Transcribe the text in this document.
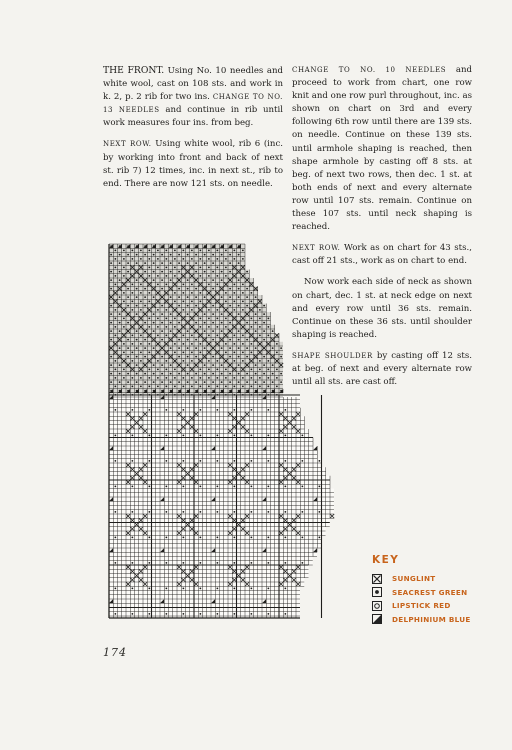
THE FRONT. Using No. 10 needles and white wool, cast on 108 sts. and work in k. 2, p. 2 rib for two ins. CHANGE TO NO. 13 NEEDLES and continue in rib until work measures four ins. from beg.

NEXT ROW. Using white wool, rib 6 (inc. by working into front and back of next st. rib 7) 12 times, inc. in next st., rib to end. There are now 121 sts. on needle.

CHANGE TO NO. 10 NEEDLES and proceed to work from chart, one row knit and one row purl throughout, inc. as shown on chart on 3rd and every following 6th row until there are 139 sts. on needle. Continue on these 139 sts. until armhole shaping is reached, then shape armhole by casting off 8 sts. at beg. of next two rows, then dec. 1 st. at both ends of next and every alternate row until 107 sts. remain. Continue on these 107 sts. until neck shaping is reached.

NEXT ROW. Work as on chart for 43 sts., cast off 21 sts., work as on chart to end.

Now work each side of neck as shown on chart, dec. 1 st. at neck edge on next and every row until 36 sts. remain. Continue on these 36 sts. until shoulder shaping is reached.

SHAPE SHOULDER by casting off 12 sts. at beg. of next and every alternate row until all sts. are cast off.

KEY
SUNGLINT
SEACREST GREEN
LIPSTICK RED
DELPHINIUM BLUE
174
